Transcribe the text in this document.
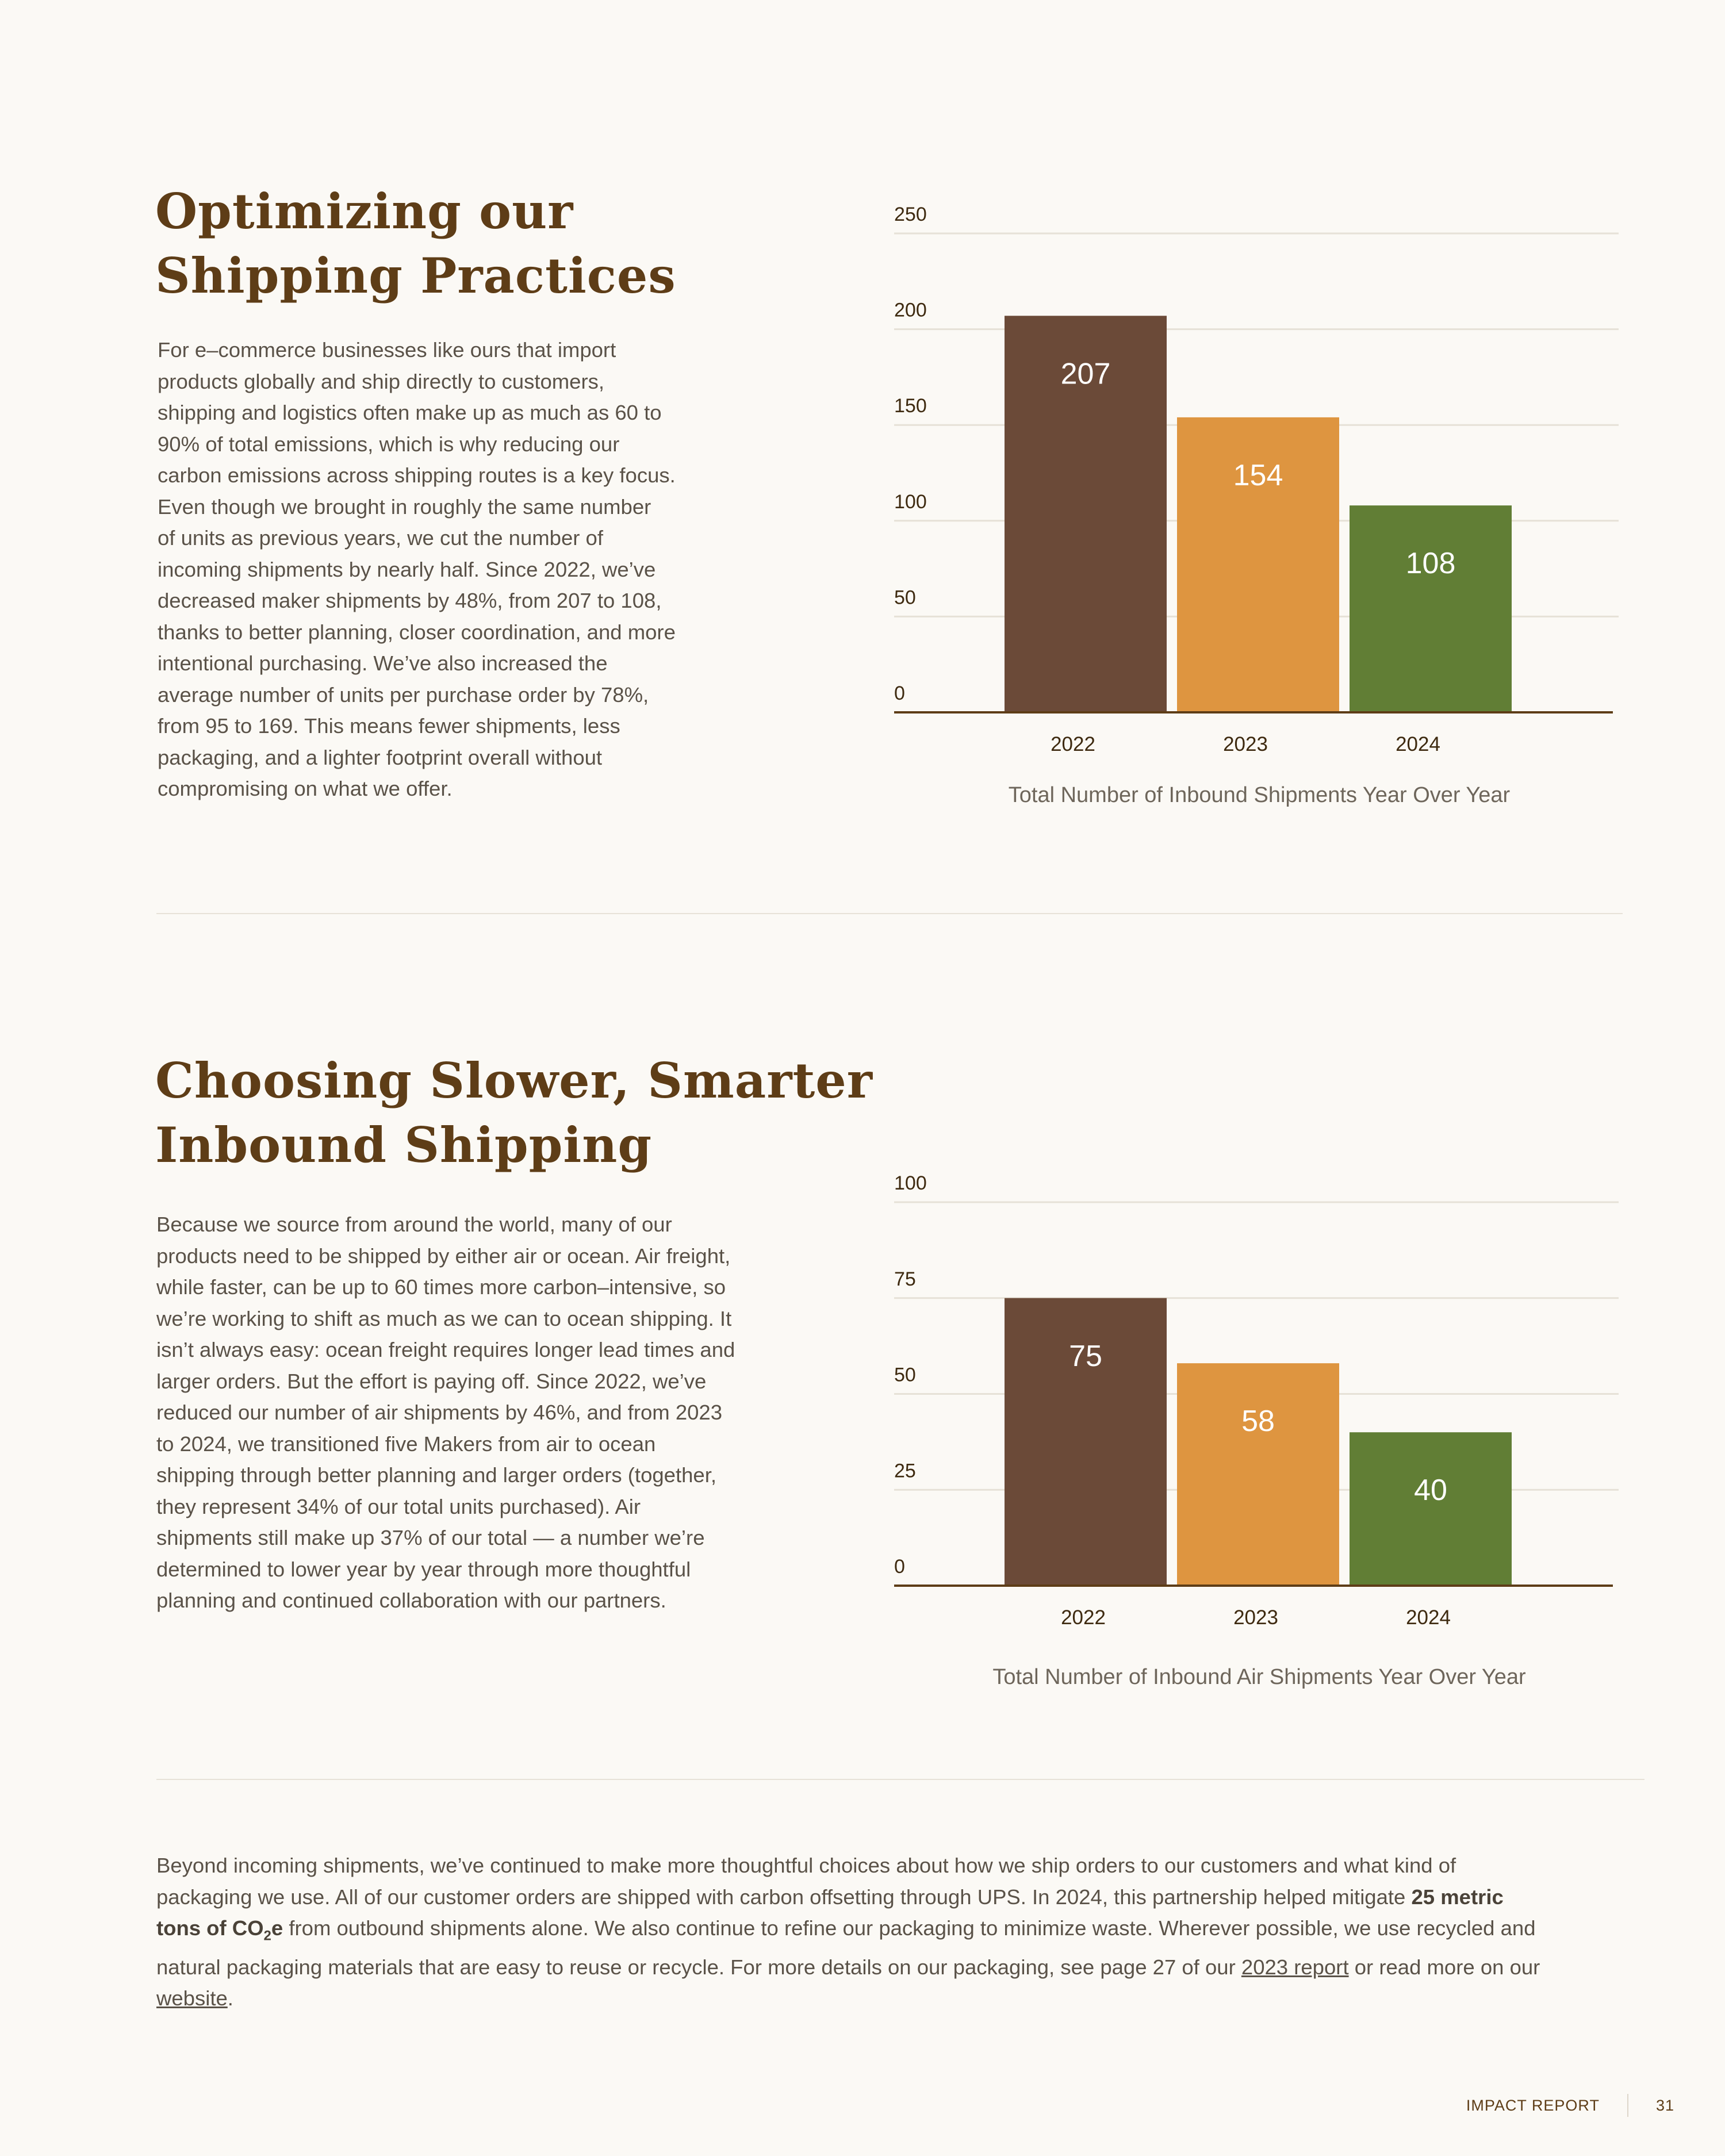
Optimizing our
Shipping Practices
For e–commerce businesses like ours that import
products globally and ship directly to customers,
shipping and logistics often make up as much as 60 to
90% of total emissions, which is why reducing our
carbon emissions across shipping routes is a key focus.
Even though we brought in roughly the same number
of units as previous years, we cut the number of
incoming shipments by nearly half. Since 2022, we’ve
decreased maker shipments by 48%, from 207 to 108,
thanks to better planning, closer coordination, and more
intentional purchasing. We’ve also increased the
average number of units per purchase order by 78%,
from 95 to 169. This means fewer shipments, less
packaging, and a lighter footprint overall without
compromising on what we offer.
0
50
100
150
200
250
207
2022
154
2023
108
2024
Total Number of Inbound Shipments Year Over Year
Choosing Slower, Smarter
Inbound Shipping
Because we source from around the world, many of our
products need to be shipped by either air or ocean. Air freight,
while faster, can be up to 60 times more carbon–intensive, so
we’re working to shift as much as we can to ocean shipping. It
isn’t always easy: ocean freight requires longer lead times and
larger orders. But the effort is paying off. Since 2022, we’ve
reduced our number of air shipments by 46%, and from 2023
to 2024, we transitioned five Makers from air to ocean
shipping through better planning and larger orders (together,
they represent 34% of our total units purchased). Air
shipments still make up 37% of our total — a number we’re
determined to lower year by year through more thoughtful
planning and continued collaboration with our partners.
0
25
50
75
100
75
2022
58
2023
40
2024
Total Number of Inbound Air Shipments Year Over Year
Beyond incoming shipments, we’ve continued to make more thoughtful choices about how we ship orders to our customers and what kind of
packaging we use. All of our customer orders are shipped with carbon offsetting through UPS. In 2024, this partnership helped mitigate 25 metric
tons of $CO_2e$ from outbound shipments alone. We also continue to refine our packaging to minimize waste. Wherever possible, we use recycled and
natural packaging materials that are easy to reuse or recycle. For more details on our packaging, see page 27 of our 2023 report or read more on our
website.
IMPACT REPORT	31
